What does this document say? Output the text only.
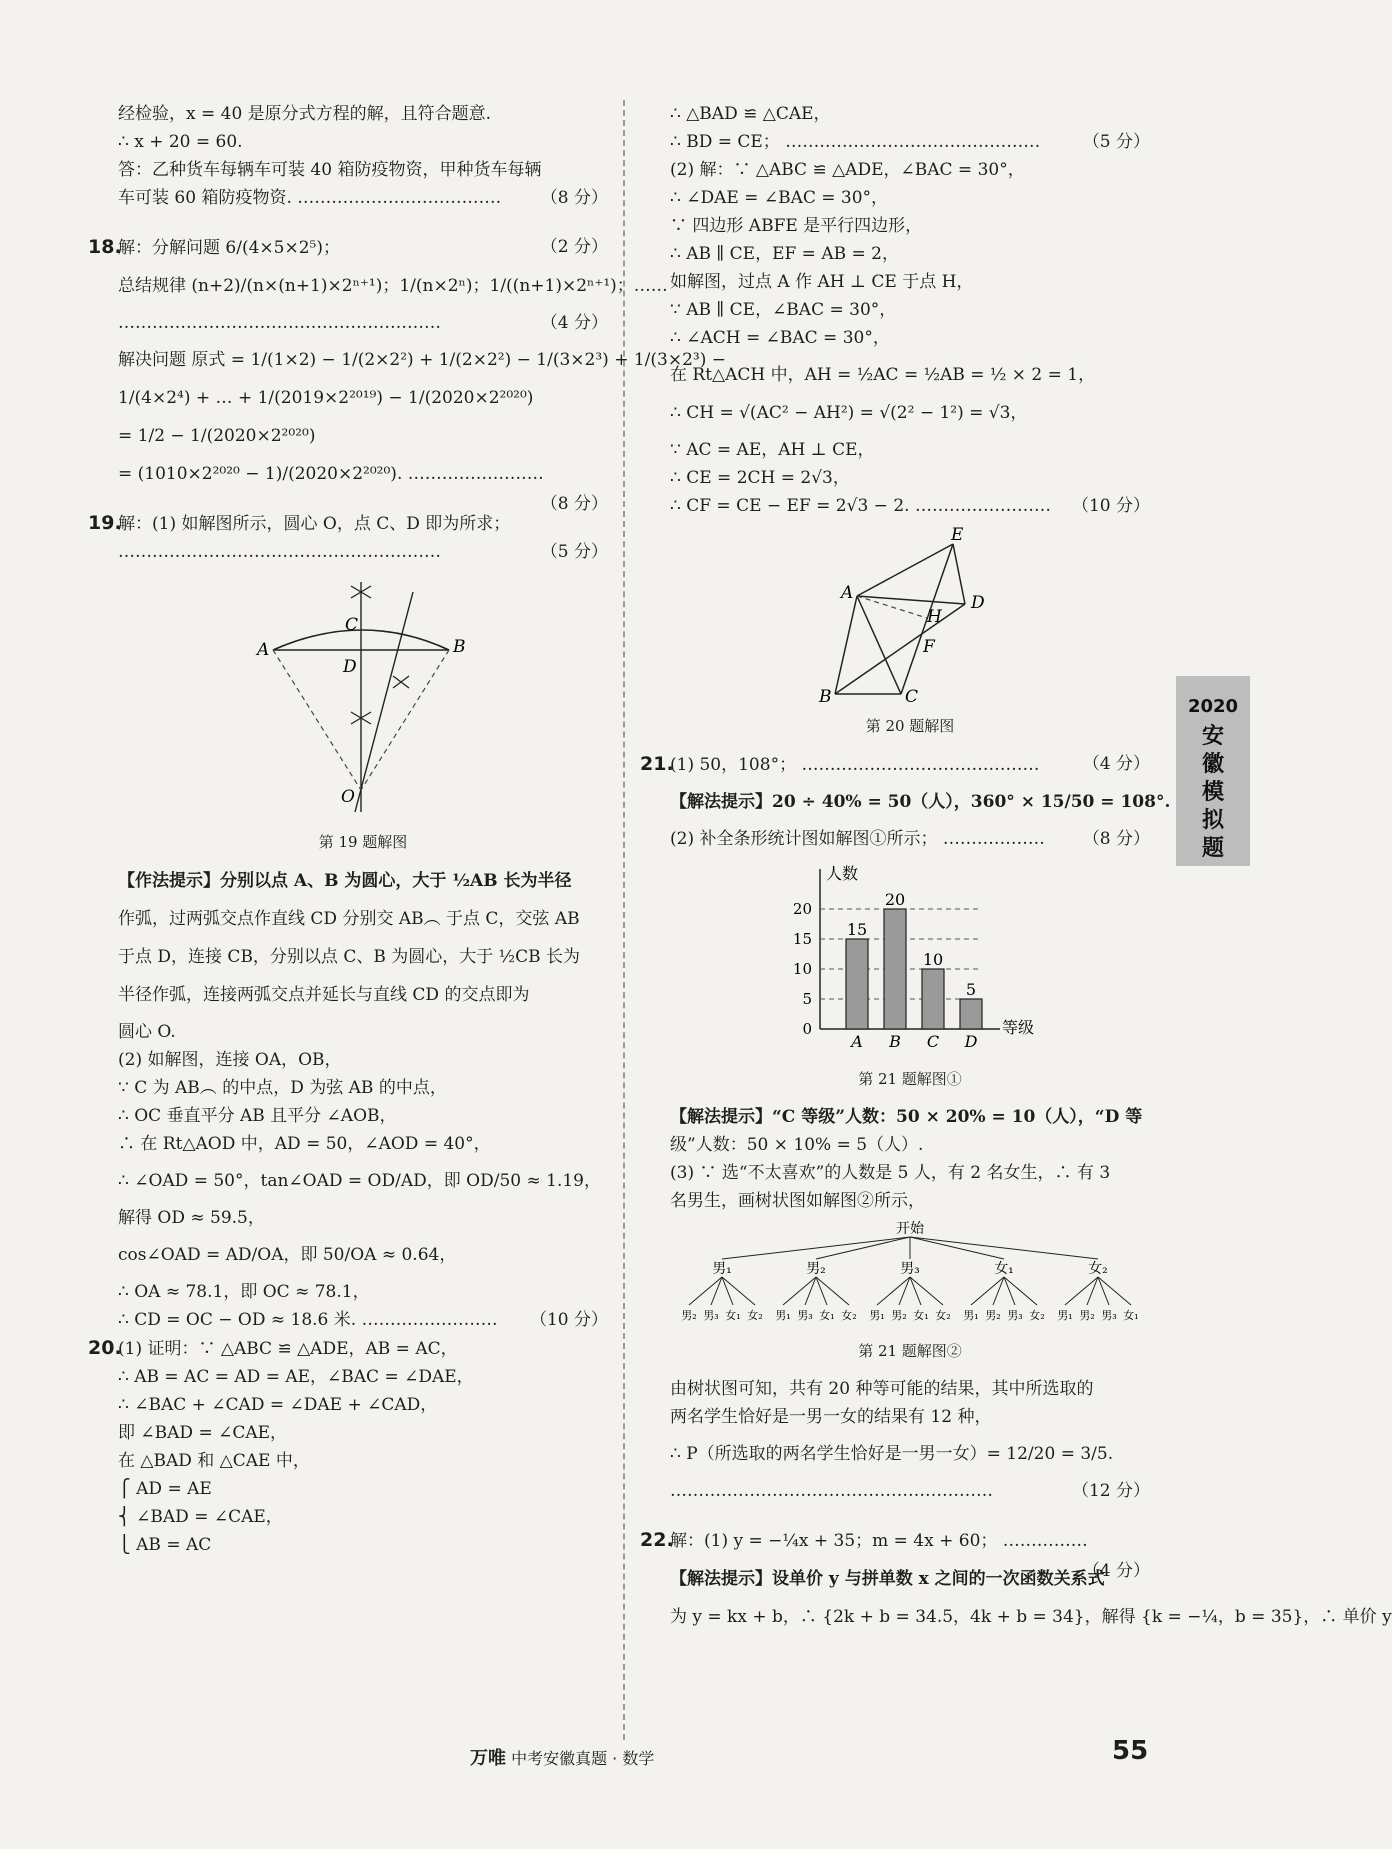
经检验，x = 40 是原分式方程的解，且符合题意.
∴ x + 20 = 60.
答：乙种货车每辆车可装 40 箱防疫物资，甲种货车每辆
车可装 60 箱防疫物资. ……………………………… （8 分）
18.解：分解问题 6/(4×5×2⁵)；	（2 分）
总结规律 (n+2)/(n×(n+1)×2ⁿ⁺¹)；1/(n×2ⁿ)；1/((n+1)×2ⁿ⁺¹)；……
…………………………………………………	（4 分）
解决问题 原式 = 1/(1×2) − 1/(2×2²) + 1/(2×2²) − 1/(3×2³) + 1/(3×2³) −
1/(4×2⁴) + … + 1/(2019×2²⁰¹⁹) − 1/(2020×2²⁰²⁰)
= 1/2 − 1/(2020×2²⁰²⁰)
= (1010×2²⁰²⁰ − 1)/(2020×2²⁰²⁰). ……………………
（8 分）
19.解：(1) 如解图所示，圆心 O，点 C、D 即为所求；
…………………………………………………	（5 分）
A	B
C
D
O
第 19 题解图
【作法提示】分别以点 A、B 为圆心，大于 ½AB 长为半径
作弧，过两弧交点作直线 CD 分别交 AB︵ 于点 C，交弦 AB
于点 D，连接 CB，分别以点 C、B 为圆心，大于 ½CB 长为
半径作弧，连接两弧交点并延长与直线 CD 的交点即为
圆心 O.
(2) 如解图，连接 OA，OB，
∵ C 为 AB︵ 的中点，D 为弦 AB 的中点，
∴ OC 垂直平分 AB 且平分 ∠AOB，
∴ 在 Rt△AOD 中，AD = 50，∠AOD = 40°，
∴ ∠OAD = 50°，tan∠OAD = OD/AD，即 OD/50 ≈ 1.19，
解得 OD ≈ 59.5，
cos∠OAD = AD/OA，即 50/OA ≈ 0.64，
∴ OA ≈ 78.1，即 OC ≈ 78.1，
∴ CD = OC − OD ≈ 18.6 米. …………………… （10 分）
20.(1) 证明：∵ △ABC ≌ △ADE，AB = AC，
∴ AB = AC = AD = AE，∠BAC = ∠DAE，
∴ ∠BAC + ∠CAD = ∠DAE + ∠CAD，
即 ∠BAD = ∠CAE，
在 △BAD 和 △CAE 中，
⎧ AD = AE
⎨ ∠BAD = ∠CAE，
⎩ AB = AC
∴ △BAD ≌ △CAE，
∴ BD = CE； ………………………………………	（5 分）
(2) 解：∵ △ABC ≌ △ADE，∠BAC = 30°，
∴ ∠DAE = ∠BAC = 30°，
∵ 四边形 ABFE 是平行四边形，
∴ AB ∥ CE，EF = AB = 2，
如解图，过点 A 作 AH ⊥ CE 于点 H，
∵ AB ∥ CE，∠BAC = 30°，
∴ ∠ACH = ∠BAC = 30°，
在 Rt△ACH 中，AH = ½AC = ½AB = ½ × 2 = 1，
∴ CH = √(AC² − AH²) = √(2² − 1²) = √3，
∵ AC = AE，AH ⊥ CE，
∴ CE = 2CH = 2√3，
∴ CF = CE − EF = 2√3 − 2. …………………… （10 分）
A
B	C
D
E
F
H
第 20 题解图
21.(1) 50，108°； ……………………………………	（4 分）
【解法提示】20 ÷ 40% = 50（人），360° × 15/50 = 108°.
(2) 补全条形统计图如解图①所示； ……………… （8 分）
人数
等级
0
5
10
15
20
15
A
20
B
10
C
5
D
第 21 题解图①
【解法提示】“C 等级”人数：50 × 20% = 10（人），“D 等
级”人数：50 × 10% = 5（人）.
(3) ∵ 选“不太喜欢”的人数是 5 人，有 2 名女生，∴ 有 3
名男生，画树状图如解图②所示，
开始
男₁
男₂ 男₃ 女₁ 女₂
男₂
男₁ 男₃ 女₁ 女₂
男₃
男₁ 男₂ 女₁ 女₂
女₁
男₁ 男₂ 男₃ 女₂
女₂
男₁ 男₂ 男₃ 女₁
第 21 题解图②
由树状图可知，共有 20 种等可能的结果，其中所选取的
两名学生恰好是一男一女的结果有 12 种，
∴ P（所选取的两名学生恰好是一男一女）= 12/20 = 3/5.
…………………………………………………	（12 分）
22.解：(1) y = −¼x + 35；m = 4x + 60； ……………
（4 分）
【解法提示】设单价 y 与拼单数 x 之间的一次函数关系式
为 y = kx + b，∴ {2k + b = 34.5，4k + b = 34}，解得 {k = −¼，b = 35}，∴ 单价 y
2020
安徽模拟题
万唯 中考安徽真题 · 数学	55
